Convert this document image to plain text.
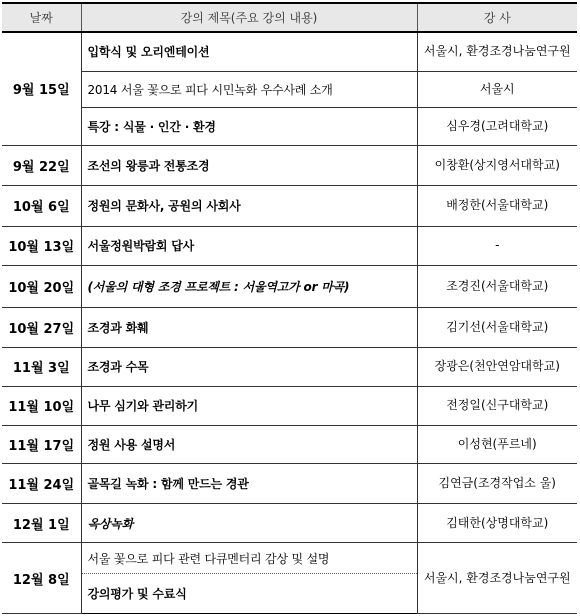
날짜	강의 제목(주요 강의 내용)	강 사
9월 15일	입학식 및 오리엔테이션	서울시, 환경조경나눔연구원
	2014 서울 꽃으로 피다 시민녹화 우수사례 소개	서울시
	특강 : 식물 · 인간 · 환경	심우경(고려대학교)
9월 22일	조선의 왕릉과 전통조경	이창환(상지영서대학교)
10월 6일	정원의 문화사, 공원의 사회사	배정한(서울대학교)
10월 13일	서울정원박람회 답사	-
10월 20일	(서울의 대형 조경 프로젝트 : 서울역고가 or 마곡)	조경진(서울대학교)
10월 27일	조경과 화훼	김기선(서울대학교)
11월 3일	조경과 수목	장광은(천안연암대학교)
11월 10일	나무 심기와 관리하기	전정일(신구대학교)
11월 17일	정원 사용 설명서	이성현(푸르네)
11월 24일	골목길 녹화 : 함께 만드는 경관	김연금(조경작업소 울)
12월 1일	옥상녹화	김태한(상명대학교)
12월 8일	서울 꽃으로 피다 관련 다큐멘터리 감상 및 설명	서울시, 환경조경나눔연구원
	강의평가 및 수료식	
